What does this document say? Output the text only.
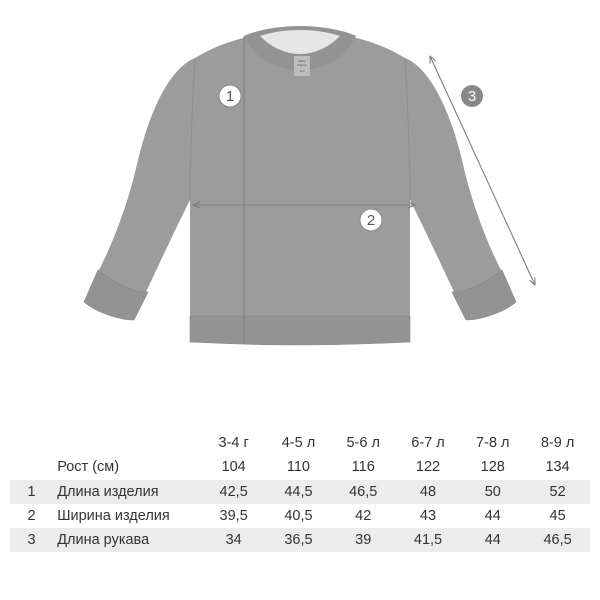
Baby
Palette
110
1
2
3
		3-4 г	4-5 л	5-6 л	6-7 л	7-8 л	8-9 л
	Рост (см)	104	110	116	122	128	134
1	Длина изделия	42,5	44,5	46,5	48	50	52
2	Ширина изделия	39,5	40,5	42	43	44	45
3	Длина рукава	34	36,5	39	41,5	44	46,5
